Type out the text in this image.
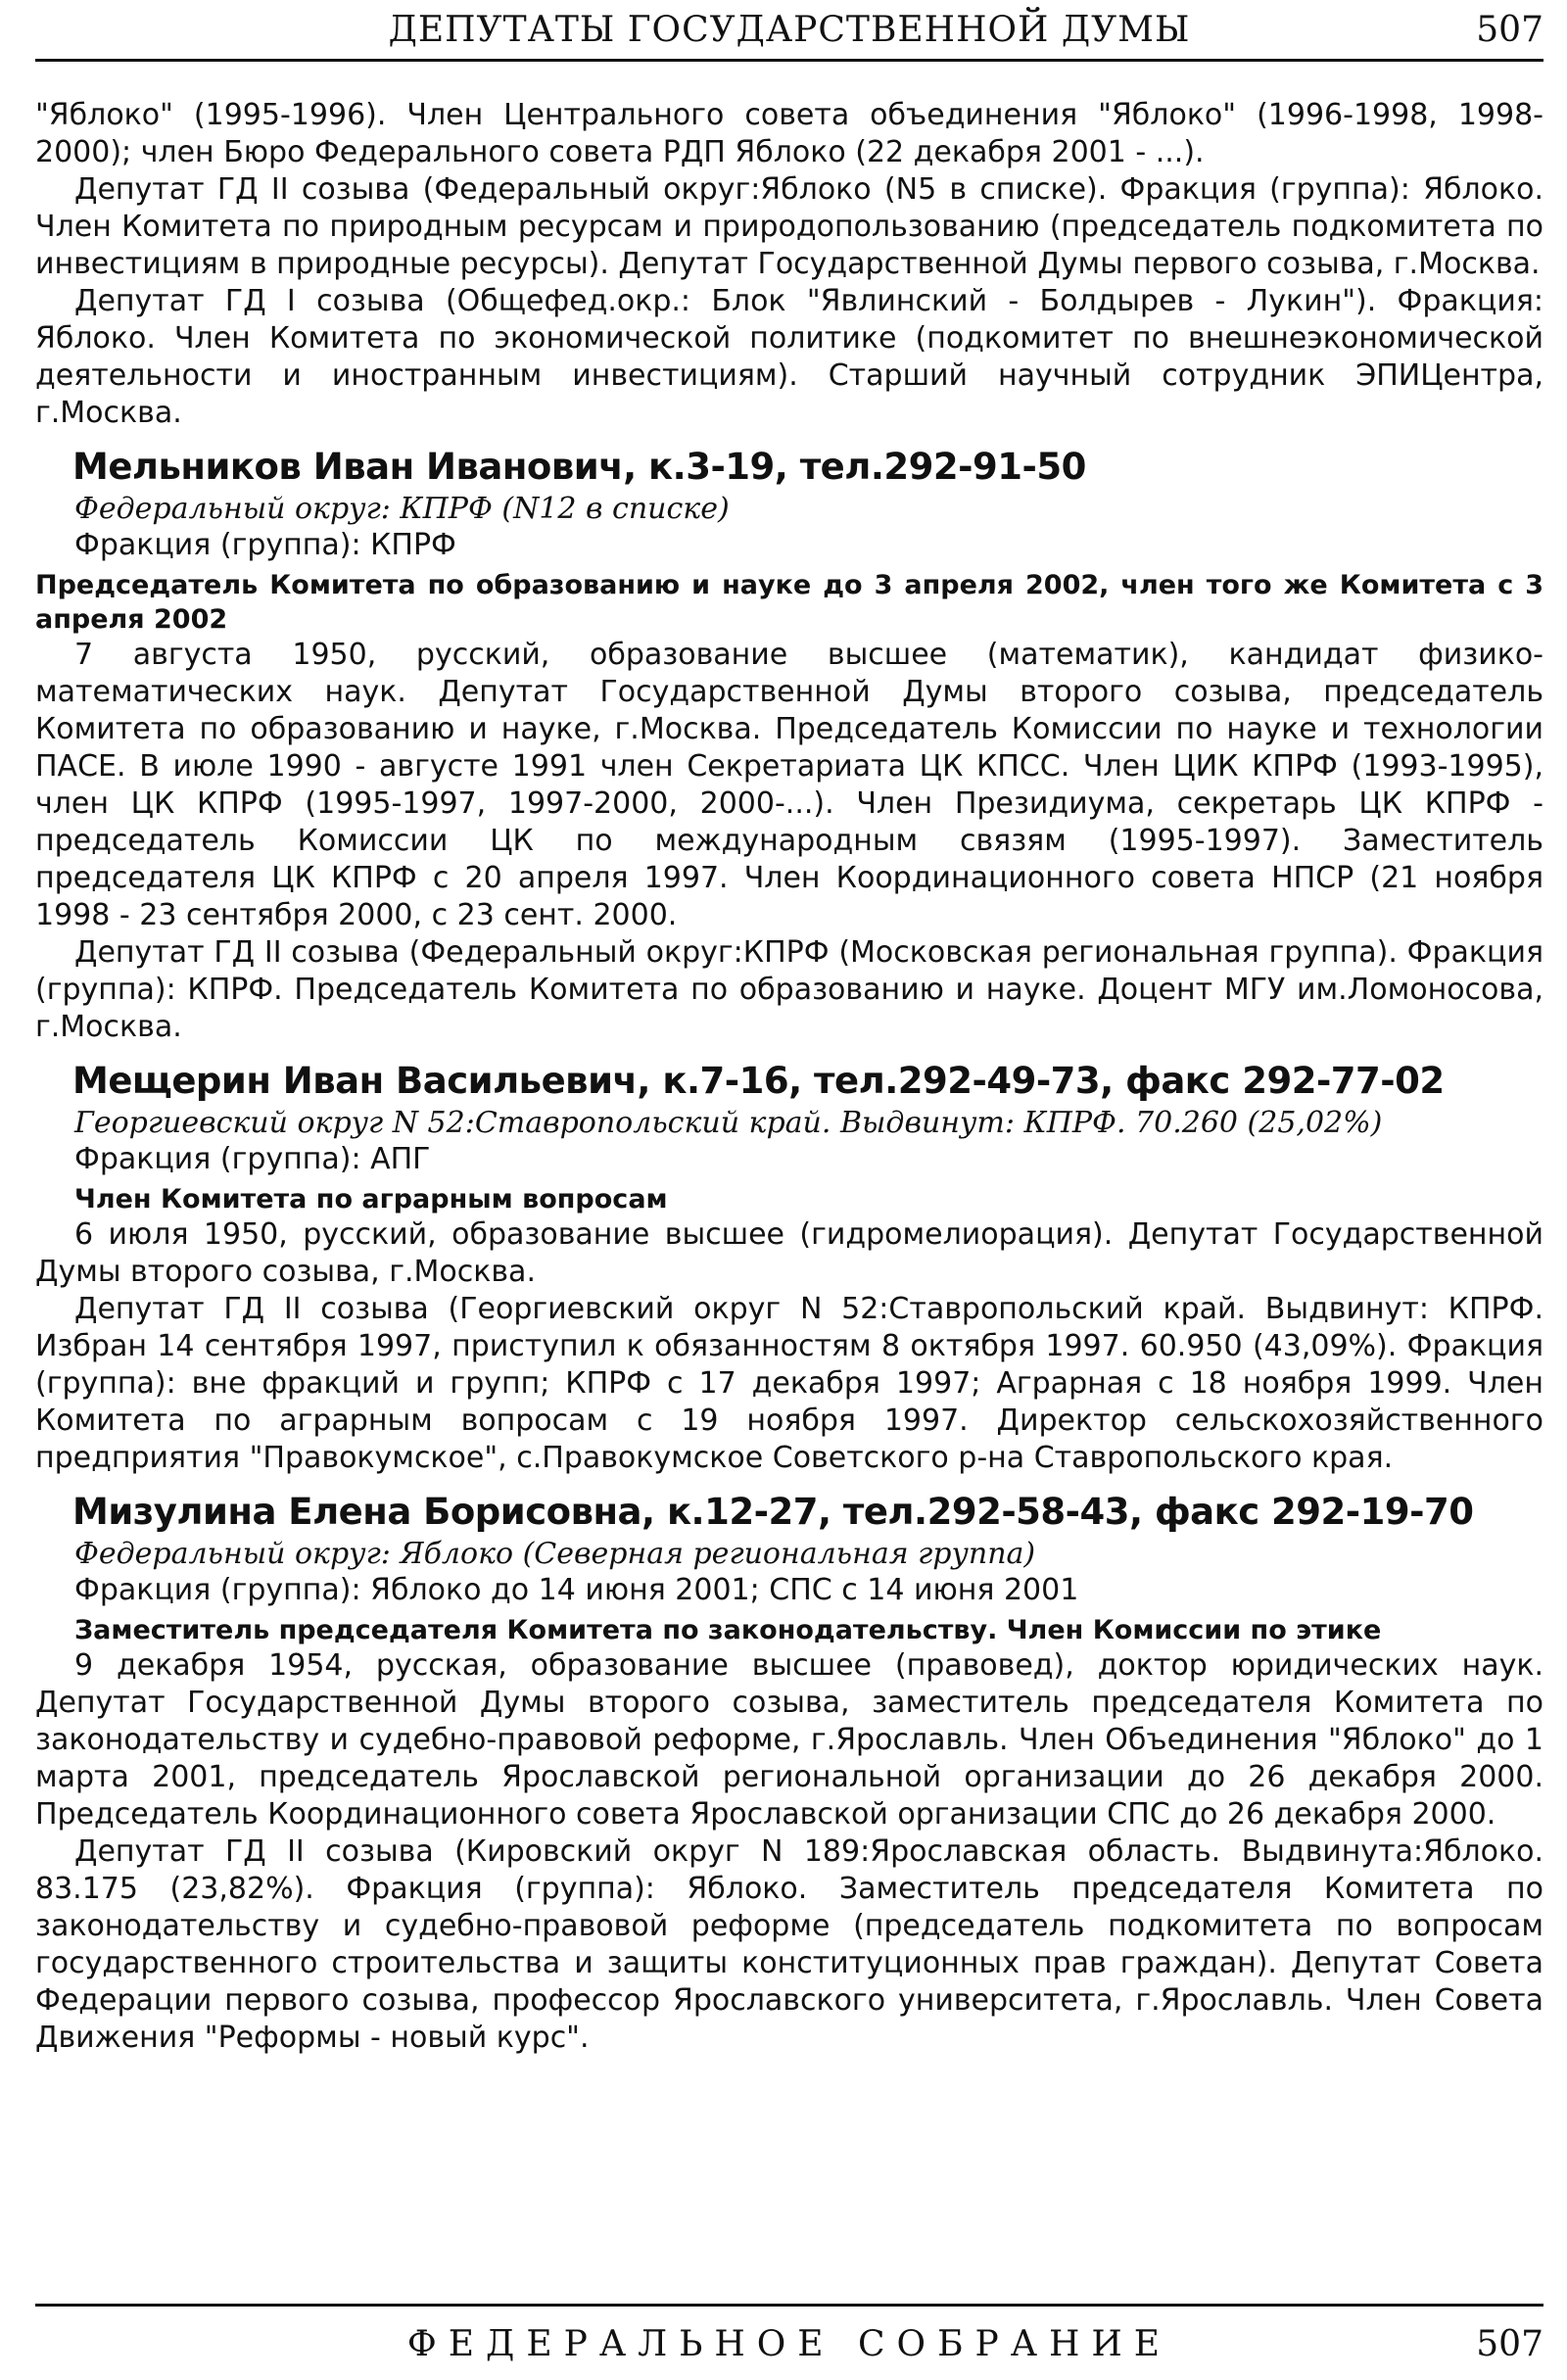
ДЕПУТАТЫ ГОСУДАРСТВЕННОЙ ДУМЫ	507

"Яблоко" (1995-1996). Член Центрального совета объединения "Яблоко" (1996-1998, 1998-2000); член Бюро Федерального совета РДП Яблоко (22 декабря 2001 - ...).

Депутат ГД II созыва (Федеральный округ:Яблоко (N5 в списке). Фракция (группа): Яблоко. Член Комитета по природным ресурсам и природопользованию (председатель подкомитета по инвестициям в природные ресурсы). Депутат Государственной Думы первого созыва, г.Москва.

Депутат ГД I созыва (Общефед.окр.: Блок "Явлинский - Болдырев - Лукин"). Фракция: Яблоко. Член Комитета по экономической политике (подкомитет по внешнеэкономической деятельности и иностранным инвестициям). Старший научный сотрудник ЭПИЦентра, г.Москва.

Мельников Иван Иванович, к.3-19, тел.292-91-50
Федеральный округ: КПРФ (N12 в списке)
Фракция (группа): КПРФ
Председатель Комитета по образованию и науке до 3 апреля 2002, член того же Комитета с 3 апреля 2002

7 августа 1950, русский, образование высшее (математик), кандидат физико-математических наук. Депутат Государственной Думы второго созыва, председатель Комитета по образованию и науке, г.Москва. Председатель Комиссии по науке и технологии ПАСЕ. В июле 1990 - августе 1991 член Секретариата ЦК КПСС. Член ЦИК КПРФ (1993-1995), член ЦК КПРФ (1995-1997, 1997-2000, 2000-...). Член Президиума, секретарь ЦК КПРФ - председатель Комиссии ЦК по международным связям (1995-1997). Заместитель председателя ЦК КПРФ с 20 апреля 1997. Член Координационного совета НПСР (21 ноября 1998 - 23 сентября 2000, с 23 сент. 2000.

Депутат ГД II созыва (Федеральный округ:КПРФ (Московская региональная группа). Фракция (группа): КПРФ. Председатель Комитета по образованию и науке. Доцент МГУ им.Ломоносова, г.Москва.

Мещерин Иван Васильевич, к.7-16, тел.292-49-73, факс 292-77-02
Георгиевский округ N 52:Ставропольский край. Выдвинут: КПРФ. 70.260 (25,02%)
Фракция (группа): АПГ
Член Комитета по аграрным вопросам

6 июля 1950, русский, образование высшее (гидромелиорация). Депутат Государственной Думы второго созыва, г.Москва.

Депутат ГД II созыва (Георгиевский округ N 52:Ставропольский край. Выдвинут: КПРФ. Избран 14 сентября 1997, приступил к обязанностям 8 октября 1997. 60.950 (43,09%). Фракция (группа): вне фракций и групп; КПРФ с 17 декабря 1997; Аграрная с 18 ноября 1999. Член Комитета по аграрным вопросам с 19 ноября 1997. Директор сельскохозяйственного предприятия "Правокумское", с.Правокумское Советского р-на Ставропольского края.

Мизулина Елена Борисовна, к.12-27, тел.292-58-43, факс 292-19-70
Федеральный округ: Яблоко (Северная региональная группа)
Фракция (группа): Яблоко до 14 июня 2001; СПС с 14 июня 2001
Заместитель председателя Комитета по законодательству. Член Комиссии по этике

9 декабря 1954, русская, образование высшее (правовед), доктор юридических наук. Депутат Государственной Думы второго созыва, заместитель председателя Комитета по законодательству и судебно-правовой реформе, г.Ярославль. Член Объединения "Яблоко" до 1 марта 2001, председатель Ярославской региональной организации до 26 декабря 2000. Председатель Координационного совета Ярославской организации СПС до 26 декабря 2000.

Депутат ГД II созыва (Кировский округ N 189:Ярославская область. Выдвинута:Яблоко. 83.175 (23,82%). Фракция (группа): Яблоко. Заместитель председателя Комитета по законодательству и судебно-правовой реформе (председатель подкомитета по вопросам государственного строительства и защиты конституционных прав граждан). Депутат Совета Федерации первого созыва, профессор Ярославского университета, г.Ярославль. Член Совета Движения "Реформы - новый курс".

ФЕДЕРАЛЬНОЕ СОБРАНИЕ	507
